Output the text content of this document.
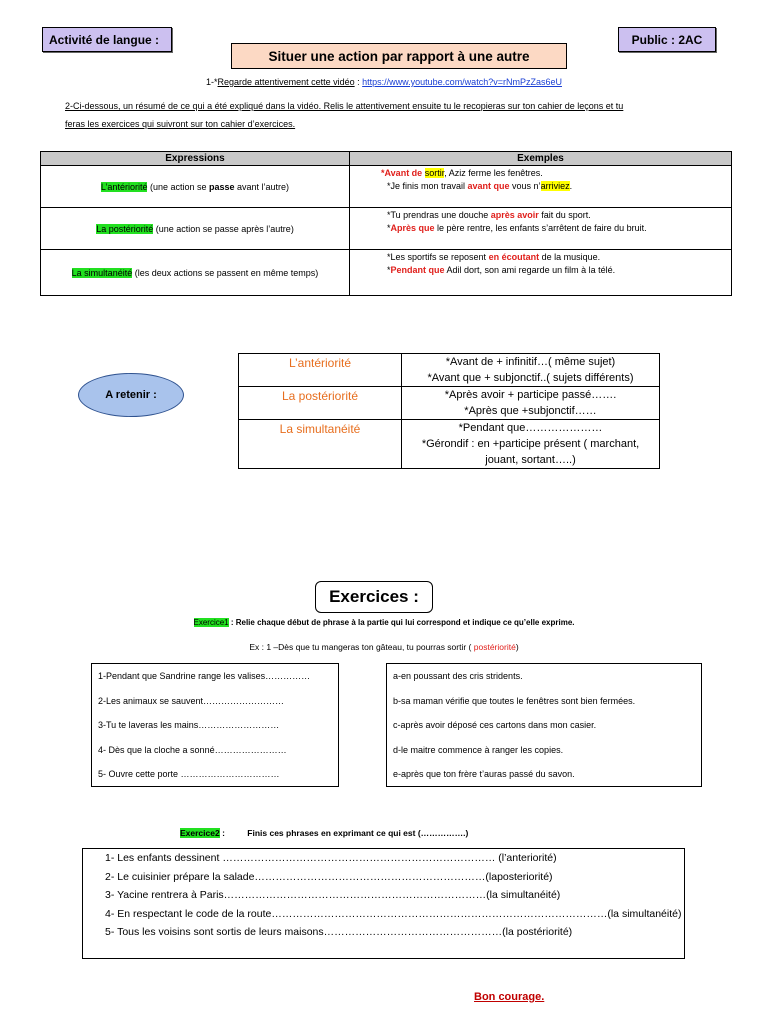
Activité de langue :	Public : 2AC
Situer une action par rapport à une autre
1-*Regarde attentivement cette vidéo : https://www.youtube.com/watch?v=rNmPzZas6eU
2-Ci-dessous, un résumé de ce qui a été expliqué dans la vidéo. Relis le attentivement ensuite tu le recopieras sur ton cahier de leçons et tu
feras les exercices qui suivront sur ton cahier d’exercices.
Expressions	Exemples
L’antériorité (une action se passe avant l’autre)	*Avant de sortir, Aziz ferme les fenêtres.
*Je finis mon travail avant que vous n’arriviez.

La postériorité (une action se passe après l’autre)	*Tu prendras une douche après avoir fait du sport.
*Après que le père rentre, les enfants s’arrêtent de faire du bruit.

La simultanéité (les deux actions se passent en même temps)	*Les sportifs se reposent en écoutant de la musique.
*Pendant que Adil dort, son ami regarde un film à la télé.
A retenir :
L’antériorité	*Avant de + infinitif…( même sujet)
*Avant que + subjonctif..( sujets différents)

La postériorité	*Après avoir + participe passé…….
*Après que +subjonctif……

La simultanéité	*Pendant que…………………
*Gérondif : en +participe présent ( marchant,
jouant, sortant…..)
Exercices :
Exercice1 : Relie chaque début de phrase à la partie qui lui correspond et indique ce qu’elle exprime.
Ex : 1 –Dès que tu mangeras ton gâteau, tu pourras sortir ( postériorité)
1-Pendant que Sandrine range les valises……………
2-Les animaux se sauvent………………………
3-Tu te laveras les mains………………………
4- Dès que la cloche a sonné……………………
5- Ouvre cette porte ……………………………
a-en poussant des cris stridents.
b-sa maman vérifie que toutes le fenêtres sont bien fermées.
c-après avoir déposé ces cartons dans mon casier.
d-le maitre commence à ranger les copies.
e-après que ton frère t’auras passé du savon.
Exercice2 :	Finis ces phrases en exprimant ce qui est (…………….)
1- Les enfants dessinent …………………………………………………………………… (l’anteriorité)
2- Le cuisinier prépare la salade…………………………………………………………(laposteriorité)
3- Yacine rentrera à Paris…………………………………………………………………(la simultanéité)
4- En respectant le code de la route……………………………………………………………………………………(la simultanéité)
5- Tous les voisins sont sortis de leurs maisons……………………………………………(la postériorité)
Bon courage.
